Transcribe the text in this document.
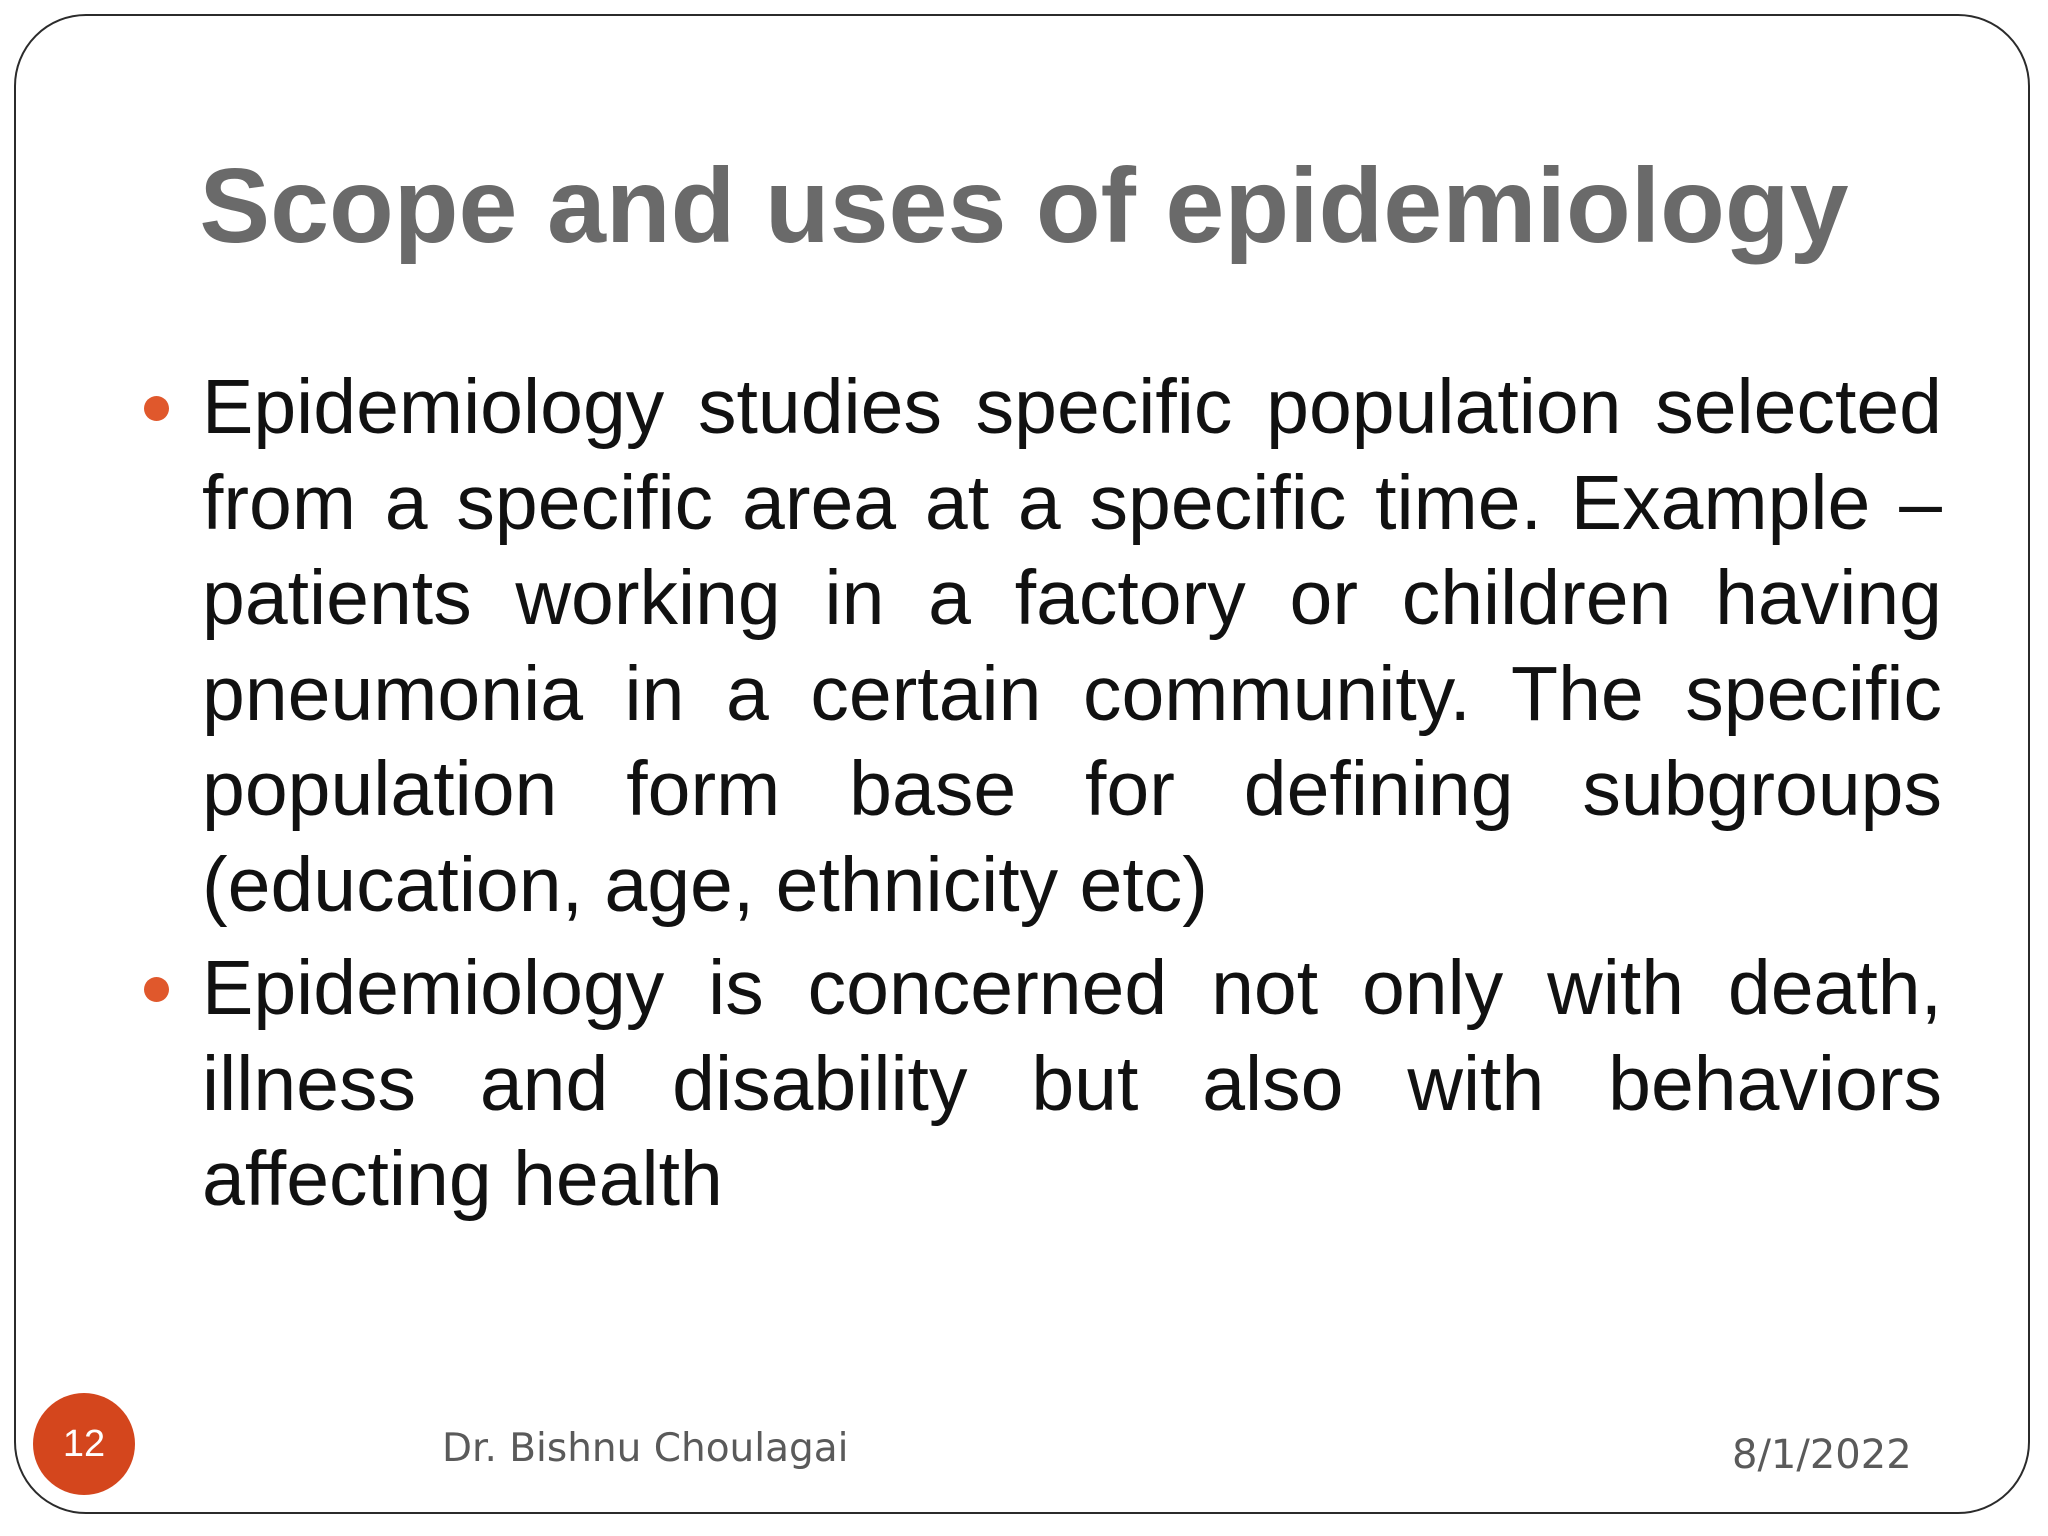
Scope and uses of epidemiology
Epidemiology studies specific population selected from a specific area at a specific time. Example – patients working in a factory or children having pneumonia in a certain community. The specific population form base for defining subgroups (education, age, ethnicity etc)
Epidemiology is concerned not only with death, illness and disability but also with behaviors affecting health
12	Dr. Bishnu Choulagai	8/1/2022
